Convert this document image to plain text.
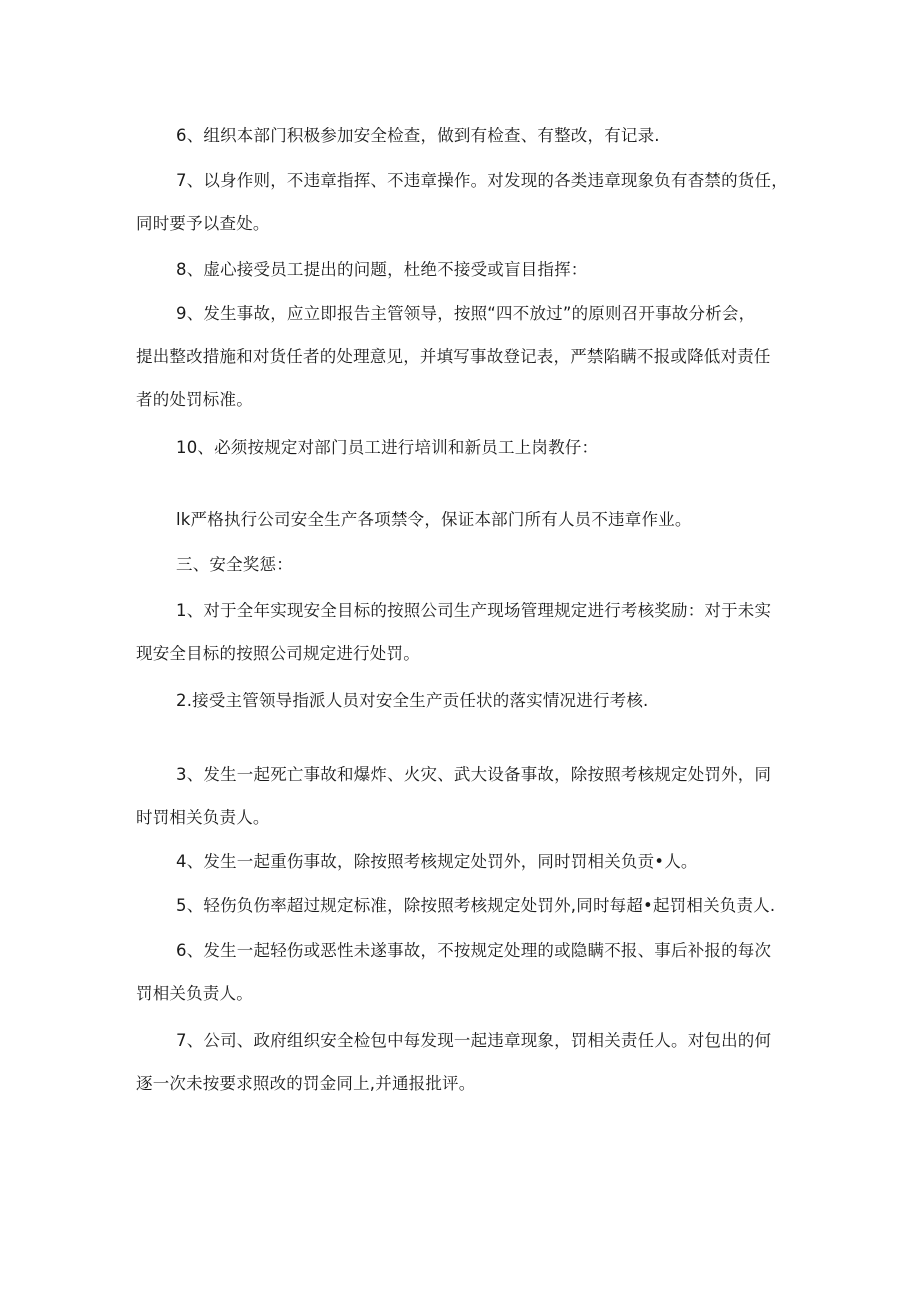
6、组织本部门积极参加安全检查，做到有检查、有整改，有记录.
7、以身作则，不违章指挥、不违章操作。对发现的各类违章现象负有杳禁的货任，
同时要予以查处。
8、虚心接受员工提出的问题，杜绝不接受或盲目指挥：
9、发生事故，应立即报告主管领导，按照“四不放过”的原则召开事故分析会，
提出整改措施和对货任者的处理意见，并填写事故登记表，严禁陷瞒不报或降低对责任
者的处罚标准。
10、必须按规定对部门员工进行培训和新员工上岗教仔：
lk严格执行公司安全生产各项禁令，保证本部门所有人员不违章作业。
三、安全奖惩：
1、对于全年实现安全目标的按照公司生产现场管理规定进行考核奖励：对于未实
现安全目标的按照公司规定进行处罚。
2.接受主管领导指派人员对安全生产贡任状的落实情况进行考核.
3、发生一起死亡事故和爆炸、火灾、武大设备事故，除按照考核规定处罚外，同
时罚相关负责人。
4、发生一起重伤事故，除按照考核规定处罚外，同时罚相关负贡•人。
5、轻伤负伤率超过规定标准，除按照考核规定处罚外,同时每超•起罚相关负责人.
6、发生一起轻伤或恶性未遂事故，不按规定处理的或隐瞒不报、事后补报的每次
罚相关负责人。
7、公司、政府组织安全检包中每发现一起违章现象，罚相关责任人。对包出的何
逐一次未按要求照改的罚金同上,并通报批评。
